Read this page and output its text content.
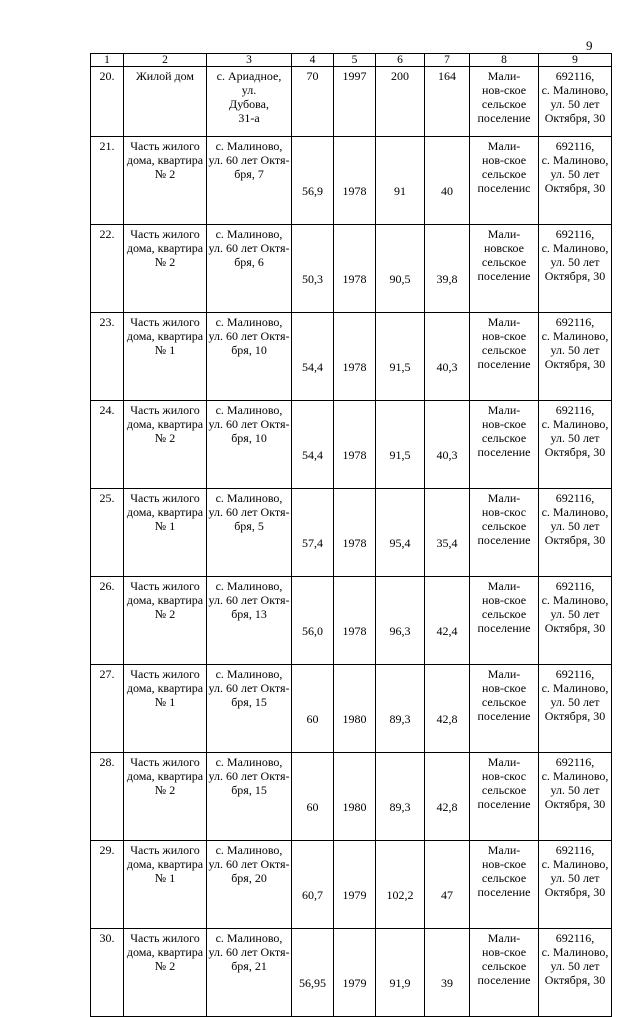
9
1	2	3	4	5	6	7	8	9
20.	Жилой дом	с. Ариадное, ул.
Дубова,
31-а	70	1997	200	164	Мали-
нов-ское
сельское
поселение	692116,
с. Малиново,
ул. 50 лет
Октября, 30
21.	Часть жилого
дома, квартира
№ 2	с. Малиново,
ул. 60 лет Октя-
бря, 7	56,9	1978	91	40	Мали-
нов-ское
сельское
поселенис	692116,
с. Малиново,
ул. 50 лет
Октября, 30
22.	Часть жилого
дома, квартира
№ 2	с. Малиново,
ул. 60 лет Октя-
бря, 6	50,3	1978	90,5	39,8	Мали-
новское
сельское
поселение	692116,
с. Малиново,
ул. 50 лет
Октября, 30
23.	Часть жилого
дома, квартира
№ 1	с. Малиново,
ул. 60 лет Октя-
бря, 10	54,4	1978	91,5	40,3	Мали-
нов-ское
сельское
поселение	692116,
с. Малиново,
ул. 50 лет
Октября, 30
24.	Часть жилого
дома, квартира
№ 2	с. Малиново,
ул. 60 лет Октя-
бря, 10	54,4	1978	91,5	40,3	Мали-
нов-ское
сельское
поселение	692116,
с. Малиново,
ул. 50 лет
Октября, 30
25.	Часть жилого
дома, квартира
№ 1	с. Малиново,
ул. 60 лет Октя-
бря, 5	57,4	1978	95,4	35,4	Мали-
нов-скос
сельское
поселение	692116,
с. Малиново,
ул. 50 лет
Октября, 30
26.	Часть жилого
дома, квартира
№ 2	с. Малиново,
ул. 60 лет Октя-
бря, 13	56,0	1978	96,3	42,4	Мали-
нов-ское
сельское
поселение	692116,
с. Малиново,
ул. 50 лет
Октября, 30
27.	Часть жилого
дома, квартира
№ 1	с. Малиново,
ул. 60 лет Октя-
бря, 15	60	1980	89,3	42,8	Мали-
нов-ское
сельское
поселение	692116,
с. Малиново,
ул. 50 лет
Октября, 30
28.	Часть жилого
дома, квартира
№ 2	с. Малиново,
ул. 60 лет Октя-
бря, 15	60	1980	89,3	42,8	Мали-
нов-скос
сельское
поселение	692116,
с. Малиново,
ул. 50 лет
Октября, 30
29.	Часть жилого
дома, квартира
№ 1	с. Малиново,
ул. 60 лет Октя-
бря, 20	60,7	1979	102,2	47	Мали-
нов-ское
сельское
поселение	692116,
с. Малиново,
ул. 50 лет
Октября, 30
30.	Часть жилого
дома, квартира
№ 2	с. Малиново,
ул. 60 лет Октя-
бря, 21	56,95	1979	91,9	39	Мали-
нов-ское
сельское
поселение	692116,
с. Малиново,
ул. 50 лет
Октября, 30
